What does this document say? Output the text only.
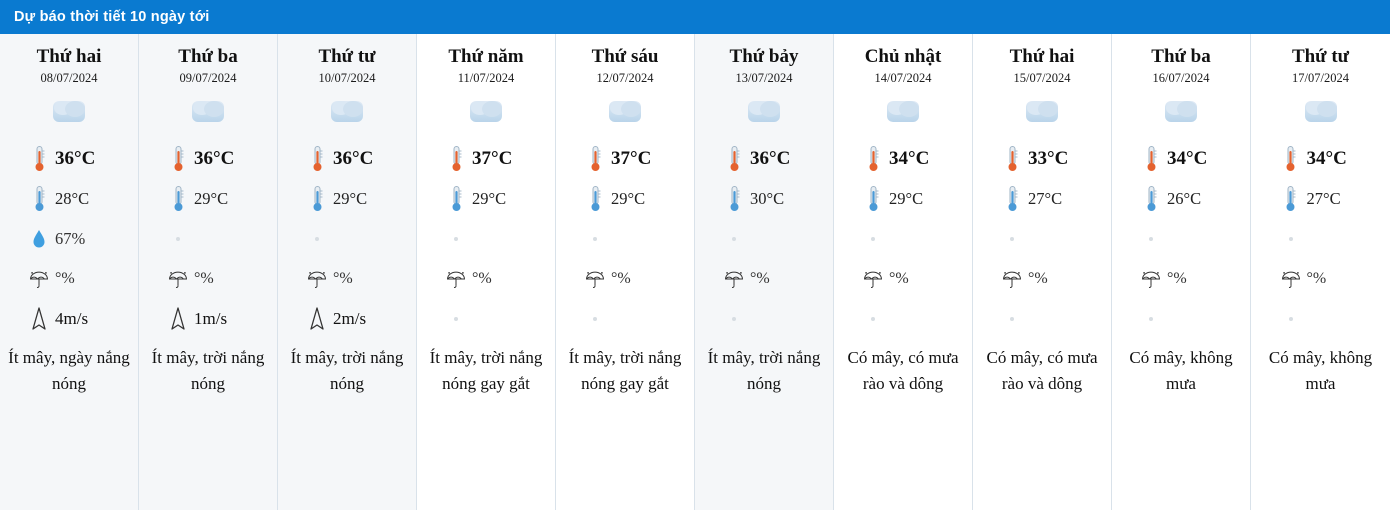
Dự báo thời tiết 10 ngày tới
Thứ hai
08/07/2024
36°C
28°C
67%
°%
4m/s
Ít mây, ngày nắng nóng
Thứ ba
09/07/2024
36°C
29°C
°%
1m/s
Ít mây, trời nắng nóng
Thứ tư
10/07/2024
36°C
29°C
°%
2m/s
Ít mây, trời nắng nóng
Thứ năm
11/07/2024
37°C
29°C
°%
Ít mây, trời nắng nóng gay gắt
Thứ sáu
12/07/2024
37°C
29°C
°%
Ít mây, trời nắng nóng gay gắt
Thứ bảy
13/07/2024
36°C
30°C
°%
Ít mây, trời nắng nóng
Chủ nhật
14/07/2024
34°C
29°C
°%
Có mây, có mưa rào và dông
Thứ hai
15/07/2024
33°C
27°C
°%
Có mây, có mưa rào và dông
Thứ ba
16/07/2024
34°C
26°C
°%
Có mây, không mưa
Thứ tư
17/07/2024
34°C
27°C
°%
Có mây, không mưa
